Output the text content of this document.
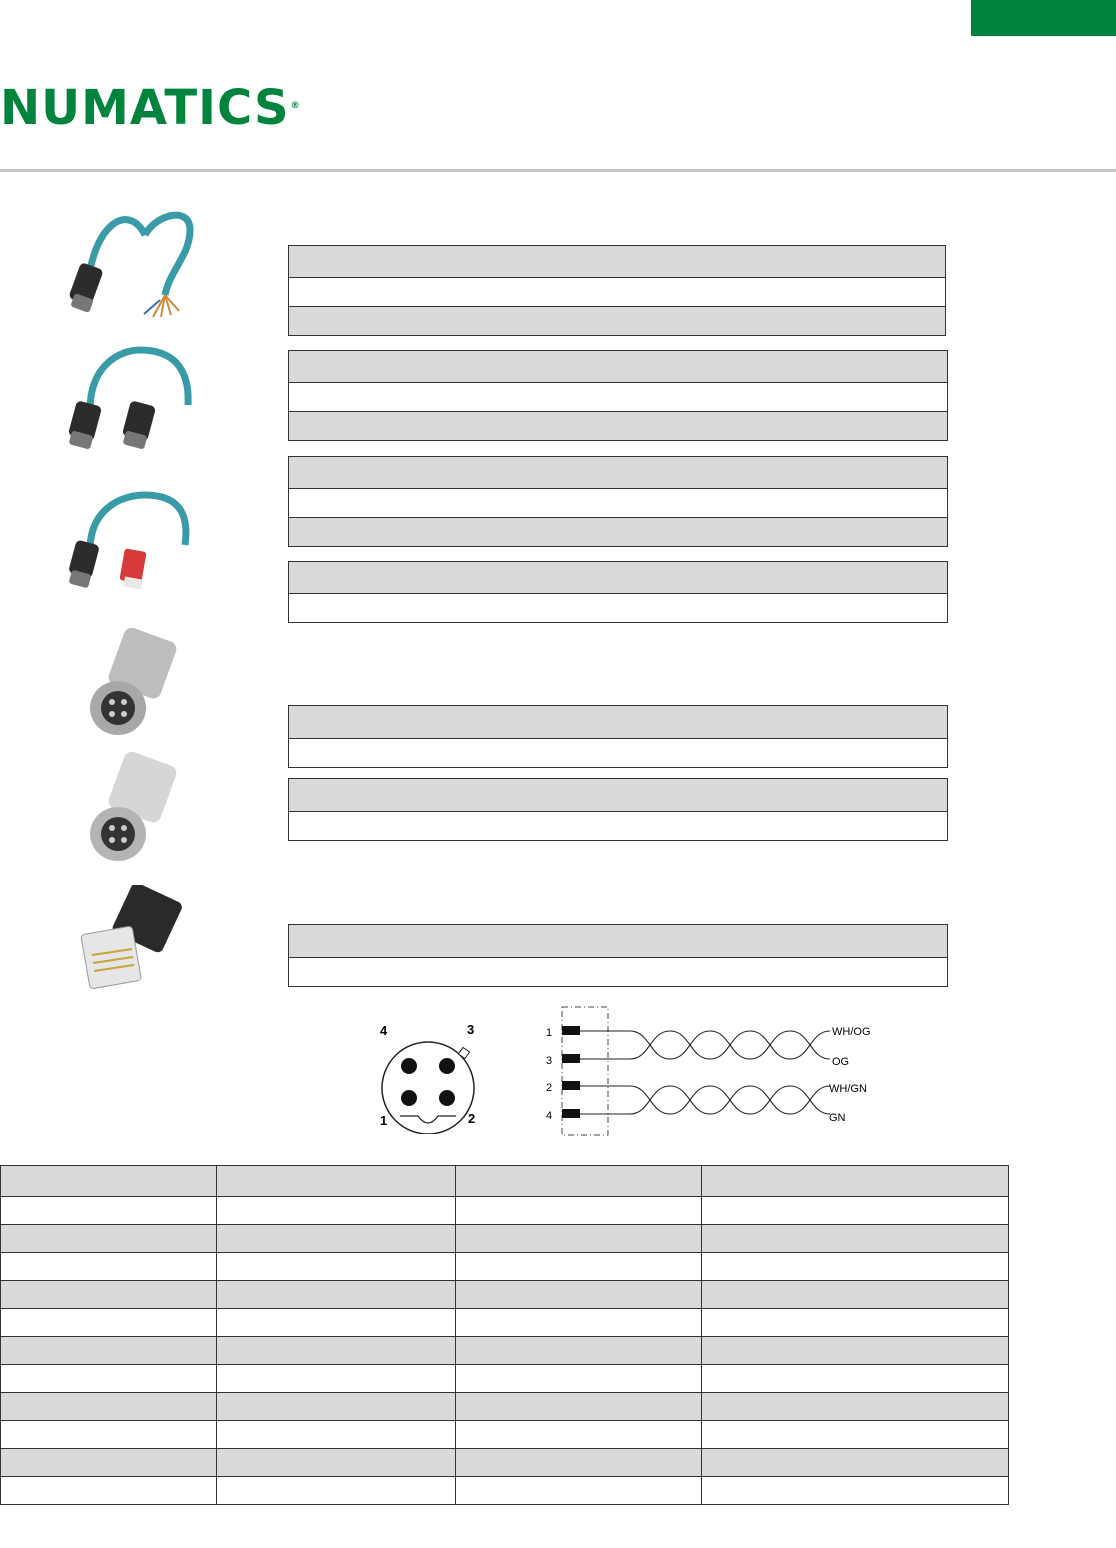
NUMATICS®

4	3
1	2
1
3
2
4
WH/OG
OG
WH/GN
GN
